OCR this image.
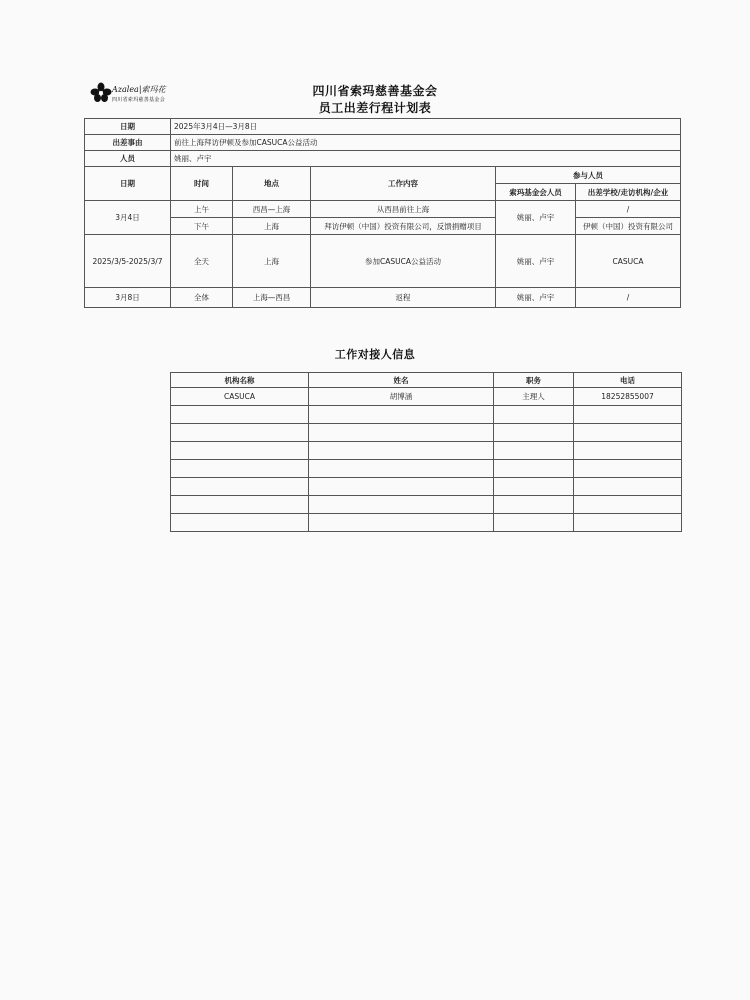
Azalea|索玛花
四川省索玛慈善基金会
四川省索玛慈善基金会
员工出差行程计划表
日期	2025年3月4日—3月8日				
出差事由	前往上海拜访伊顿及参加CASUCA公益活动				
人员	姚丽、卢宇				
日期	时间	地点	工作内容	参与人员	
				索玛基金会人员	出差学校/走访机构/企业
3月4日	上午	西昌—上海	从西昌前往上海	姚丽、卢宇	/
	下午	上海	拜访伊顿（中国）投资有限公司，反馈捐赠项目		伊顿（中国）投资有限公司
2025/3/5-2025/3/7	全天	上海	参加CASUCA公益活动	姚丽、卢宇	CASUCA
3月8日	全体	上海—西昌	返程	姚丽、卢宇	/
工作对接人信息
机构名称	姓名	职务	电话
CASUCA	胡博涵	主理人	18252855007
